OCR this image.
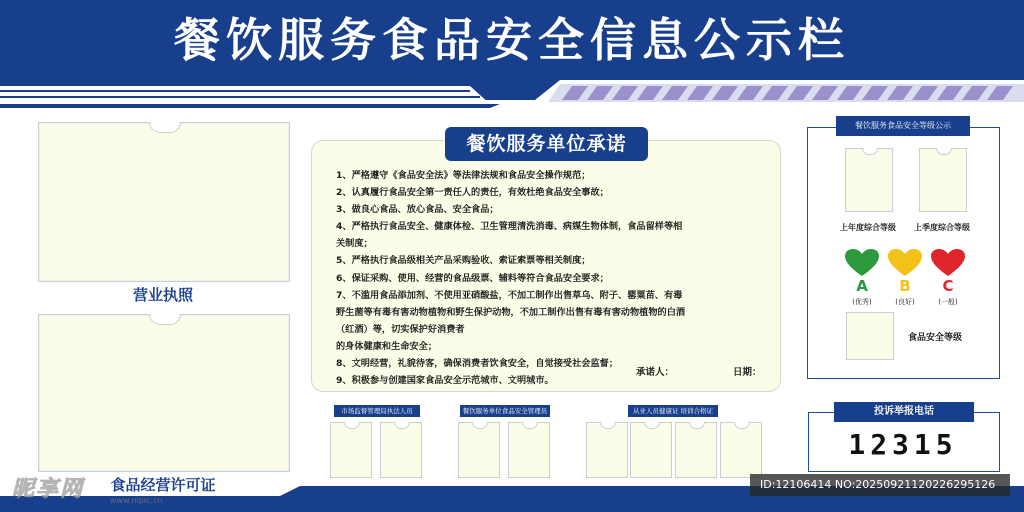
餐饮服务食品安全信息公示栏
营业执照
食品经营许可证
餐饮服务单位承诺
1、严格遵守《食品安全法》等法律法规和食品安全操作规范；
2、认真履行食品安全第一责任人的责任，有效杜绝食品安全事故；
3、做良心食品、放心食品、安全食品；
4、严格执行食品安全、健康体检、卫生管理清洗消毒、病媒生物体制，食品留样等相
关制度；
5、严格执行食品级相关产品采购验收、索证索票等相关制度；
6、保证采购、使用、经营的食品级票、辅料等符合食品安全要求；
7、不滥用食品添加剂、不使用亚硝酸盐，不加工制作出售草乌、附子、罂粟苗、有毒
野生菌等有毒有害动物植物和野生保护动物，不加工制作出售有毒有害动物植物的白酒
（红酒）等，切实保护好消费者
的身体健康和生命安全；
8、文明经营，礼貌待客，确保消费者饮食安全，自觉接受社会监督；
9、积极参与创建国家食品安全示范城市、文明城市。
承诺人：	日期：
餐饮服务食品安全等级公示
上年度综合等级	上季度综合等级
A	B	C
(优秀)	(良好)	(一般)
食品安全等级
市场监督管理局执法人员	餐饮服务单位食品安全管理员	从业人员健康证 培训合格证	投诉举报电话
12315
昵享网	www.nipic.cn
ID:12106414 NO:20250921120226295126
